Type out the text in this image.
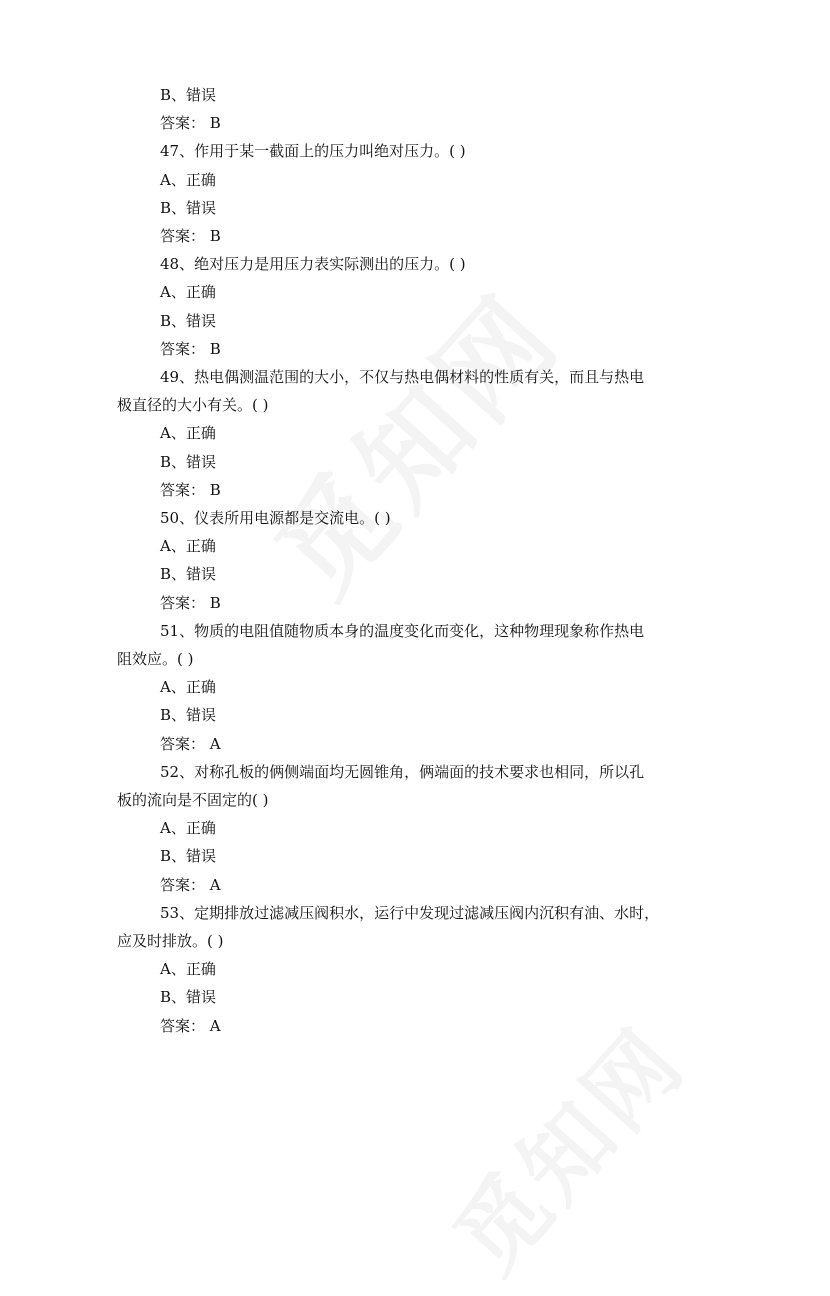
B、错误
答案： B
47、作用于某一截面上的压力叫绝对压力。( )
A、正确
B、错误
答案： B
48、绝对压力是用压力表实际测出的压力。( )
A、正确
B、错误
答案： B
49、热电偶测温范围的大小，不仅与热电偶材料的性质有关，而且与热电
极直径的大小有关。( )
A、正确
B、错误
答案： B
50、仪表所用电源都是交流电。( )
A、正确
B、错误
答案： B
51、物质的电阻值随物质本身的温度变化而变化，这种物理现象称作热电
阻效应。( )
A、正确
B、错误
答案： A
52、对称孔板的俩侧端面均无圆锥角，俩端面的技术要求也相同，所以孔
板的流向是不固定的( )
A、正确
B、错误
答案： A
53、定期排放过滤减压阀积水，运行中发现过滤减压阀内沉积有油、水时，
应及时排放。( )
A、正确
B、错误
答案： A
